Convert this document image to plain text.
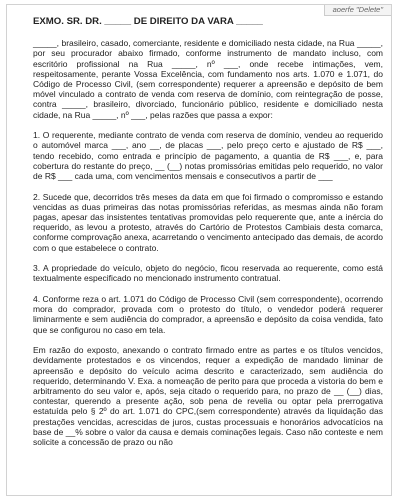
aoerfe "Delete"
EXMO. SR. DR. _____ DE DIREITO DA VARA _____

_____, brasileiro, casado, comerciante, residente e domiciliado nesta cidade, na Rua _____, por seu procurador abaixo firmado, conforme instrumento de mandato incluso, com escritório profissional na Rua _____, nº ___, onde recebe intimações, vem, respeitosamente, perante Vossa Excelência, com fundamento nos arts. 1.070 e 1.071, do Código de Processo Civil, (sem correspondente) requerer a apreensão e depósito de bem móvel vinculado a contrato de venda com reserva de domínio, com reintegração de posse, contra _____, brasileiro, divorciado, funcionário público, residente e domiciliado nesta cidade, na Rua _____, nº ___, pelas razões que passa a expor:

1. O requerente, mediante contrato de venda com reserva de domínio, vendeu ao requerido o automóvel marca ___, ano __, de placas ___, pelo preço certo e ajustado de R$ ___, tendo recebido, como entrada e princípio de pagamento, a quantia de R$ ___, e, para cobertura do restante do preço, __ (__) notas promissórias emitidas pelo requerido, no valor de R$ ___ cada uma, com vencimentos mensais e consecutivos a partir de ___

2. Sucede que, decorridos três meses da data em que foi firmado o compromisso e estando vencidas as duas primeiras das notas promissórias referidas, as mesmas ainda não foram pagas, apesar das insistentes tentativas promovidas pelo requerente que, ante a inércia do requerido, as levou a protesto, através do Cartório de Protestos Cambiais desta comarca, conforme comprovação anexa, acarretando o vencimento antecipado das demais, de acordo com o que estabelece o contrato.

3. A propriedade do veículo, objeto do negócio, ficou reservada ao requerente, como está textualmente especificado no mencionado instrumento contratual.

4. Conforme reza o art. 1.071 do Código de Processo Civil (sem correspondente), ocorrendo mora do comprador, provada com o protesto do título, o vendedor poderá requerer liminarmente e sem audiência do comprador, a apreensão e depósito da coisa vendida, fato que se configurou no caso em tela.

Em razão do exposto, anexando o contrato firmado entre as partes e os títulos vencidos, devidamente protestados e os vincendos, requer a expedição de mandado liminar de apreensão e depósito do veículo acima descrito e caracterizado, sem audiência do requerido, determinando V. Exa. a nomeação de perito para que proceda a vistoria do bem e arbitramento do seu valor e, após, seja citado o requerido para, no prazo de __ (__) dias, contestar, querendo a presente ação, sob pena de revelia ou optar pela prerrogativa estatuída pelo § 2º do art. 1.071 do CPC,(sem correspondente) através da liquidação das prestações vencidas, acrescidas de juros, custas processuais e honorários advocatícios na base de __% sobre o valor da causa e demais cominações legais. Caso não conteste e nem solicite a concessão de prazo ou não
